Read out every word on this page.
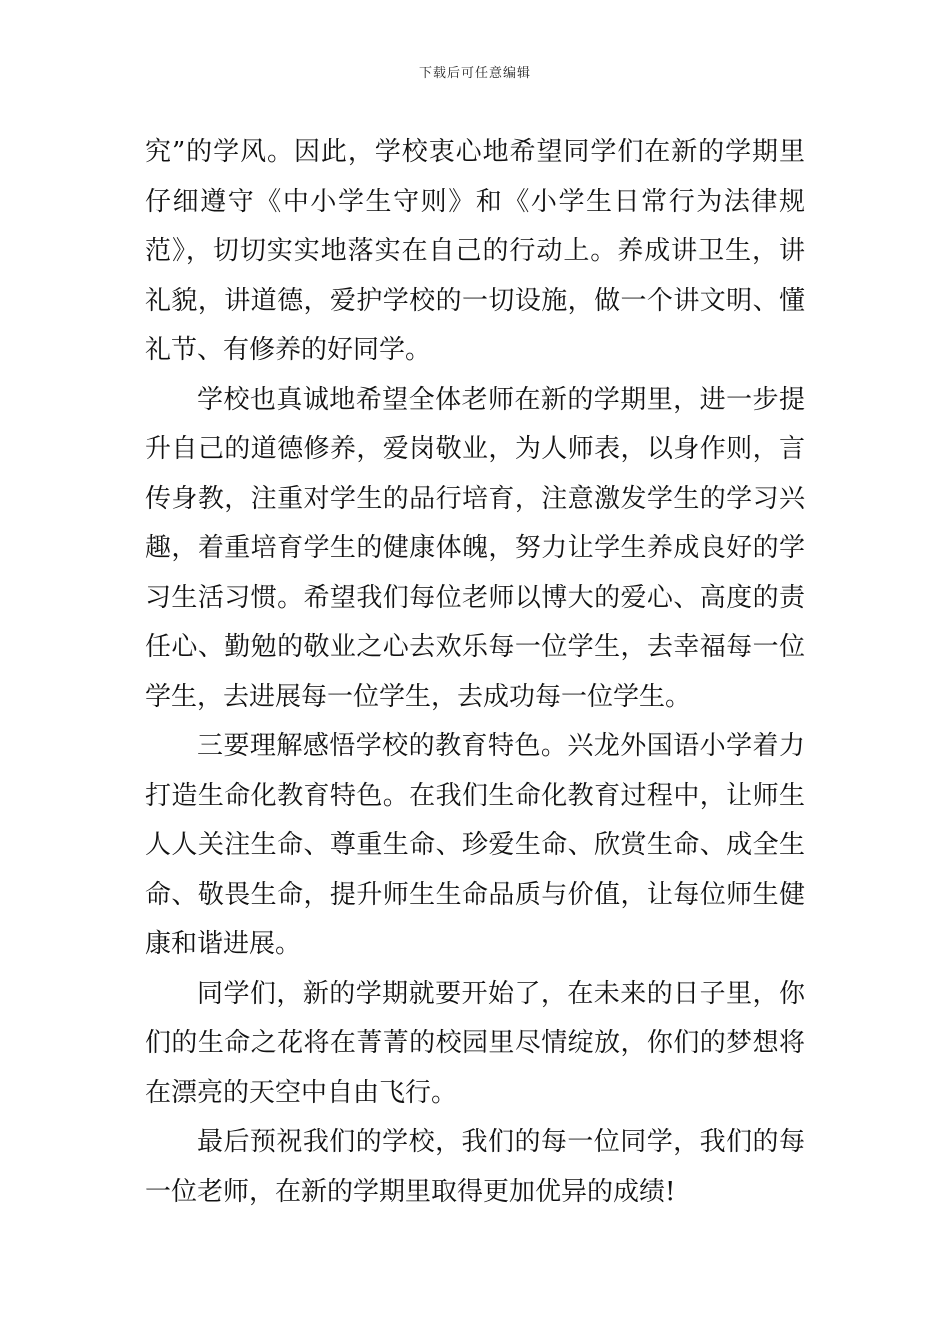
下载后可任意编辑

究”的学风。因此，学校衷心地希望同学们在新的学期里仔细遵守《中小学生守则》和《小学生日常行为法律规范》，切切实实地落实在自己的行动上。养成讲卫生，讲礼貌，讲道德，爱护学校的一切设施，做一个讲文明、懂礼节、有修养的好同学。

学校也真诚地希望全体老师在新的学期里，进一步提升自己的道德修养，爱岗敬业，为人师表，以身作则，言传身教，注重对学生的品行培育，注意激发学生的学习兴趣，着重培育学生的健康体魄，努力让学生养成良好的学习生活习惯。希望我们每位老师以博大的爱心、高度的责任心、勤勉的敬业之心去欢乐每一位学生，去幸福每一位学生，去进展每一位学生，去成功每一位学生。

三要理解感悟学校的教育特色。兴龙外国语小学着力打造生命化教育特色。在我们生命化教育过程中，让师生人人关注生命、尊重生命、珍爱生命、欣赏生命、成全生命、敬畏生命，提升师生生命品质与价值，让每位师生健康和谐进展。

同学们，新的学期就要开始了，在未来的日子里，你们的生命之花将在菁菁的校园里尽情绽放，你们的梦想将在漂亮的天空中自由飞行。

最后预祝我们的学校，我们的每一位同学，我们的每一位老师，在新的学期里取得更加优异的成绩!
